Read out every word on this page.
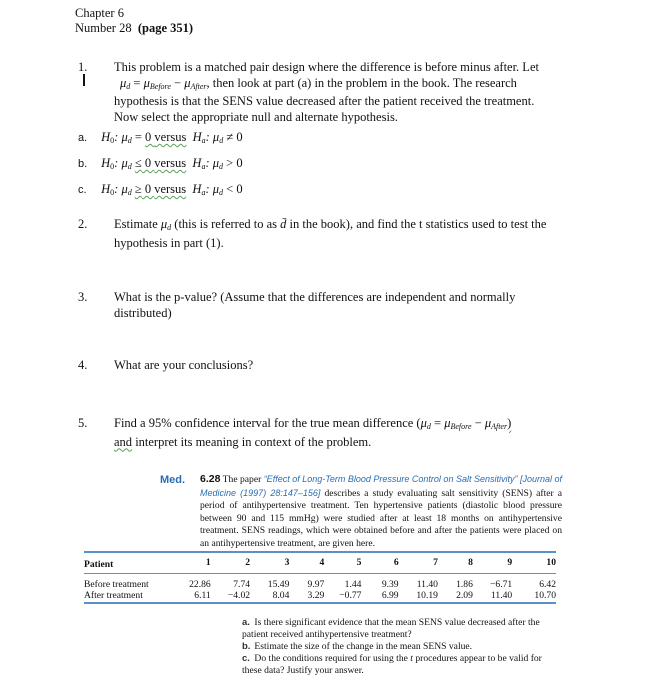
Chapter 6
Number 28 (page 351)
1. This problem is a matched pair design where the difference is before minus after. Let
$\mu_d = \mu_{Before} - \mu_{After}$, then look at part (a) in the problem in the book. The research
hypothesis is that the SENS value decreased after the patient received the treatment. Now select the appropriate null and alternate hypothesis.
a. $H_0$: $\mu_d = 0$ versus $H_a$: $\mu_d \ne 0$
b. $H_0$: $\mu_d \le 0$ versus $H_a$: $\mu_d > 0$
c. $H_0$: $\mu_d \ge 0$ versus $H_a$: $\mu_d < 0$
2. Estimate $\mu_d$ (this is referred to as d̄ in the book), and find the t statistics used to test the hypothesis in part (1).
3. What is the p-value? (Assume that the differences are independent and normally distributed)
4. What are your conclusions?
5. Find a 95% confidence interval for the true mean difference $(\mu_d = \mu_{Before} - \mu_{After})$
and interpret its meaning in context of the problem.
Med. 6.28 The paper “Effect of Long-Term Blood Pressure Control on Salt Sensitivity” [Journal of Medicine (1997) 28:147–156] describes a study evaluating salt sensitivity (SENS) after a period of antihypertensive treatment. Ten hypertensive patients (diastolic blood pressure between 90 and 115 mmHg) were studied after at least 18 months on antihypertensive treatment. SENS readings, which were obtained before and after the patients were placed on an antihypertensive treatment, are given here.
Patient	1	2	3	4	5	6	7	8	9	10

Before treatment	22.86	7.74	15.49	9.97	1.44	9.39	11.40	1.86	−6.71	6.42
After treatment	6.11	−4.02	8.04	3.29	−0.77	6.99	10.19	2.09	11.40	10.70
a. Is there significant evidence that the mean SENS value decreased after the patient received antihypertensive treatment?
b. Estimate the size of the change in the mean SENS value.
c. Do the conditions required for using the t procedures appear to be valid for these data? Justify your answer.
